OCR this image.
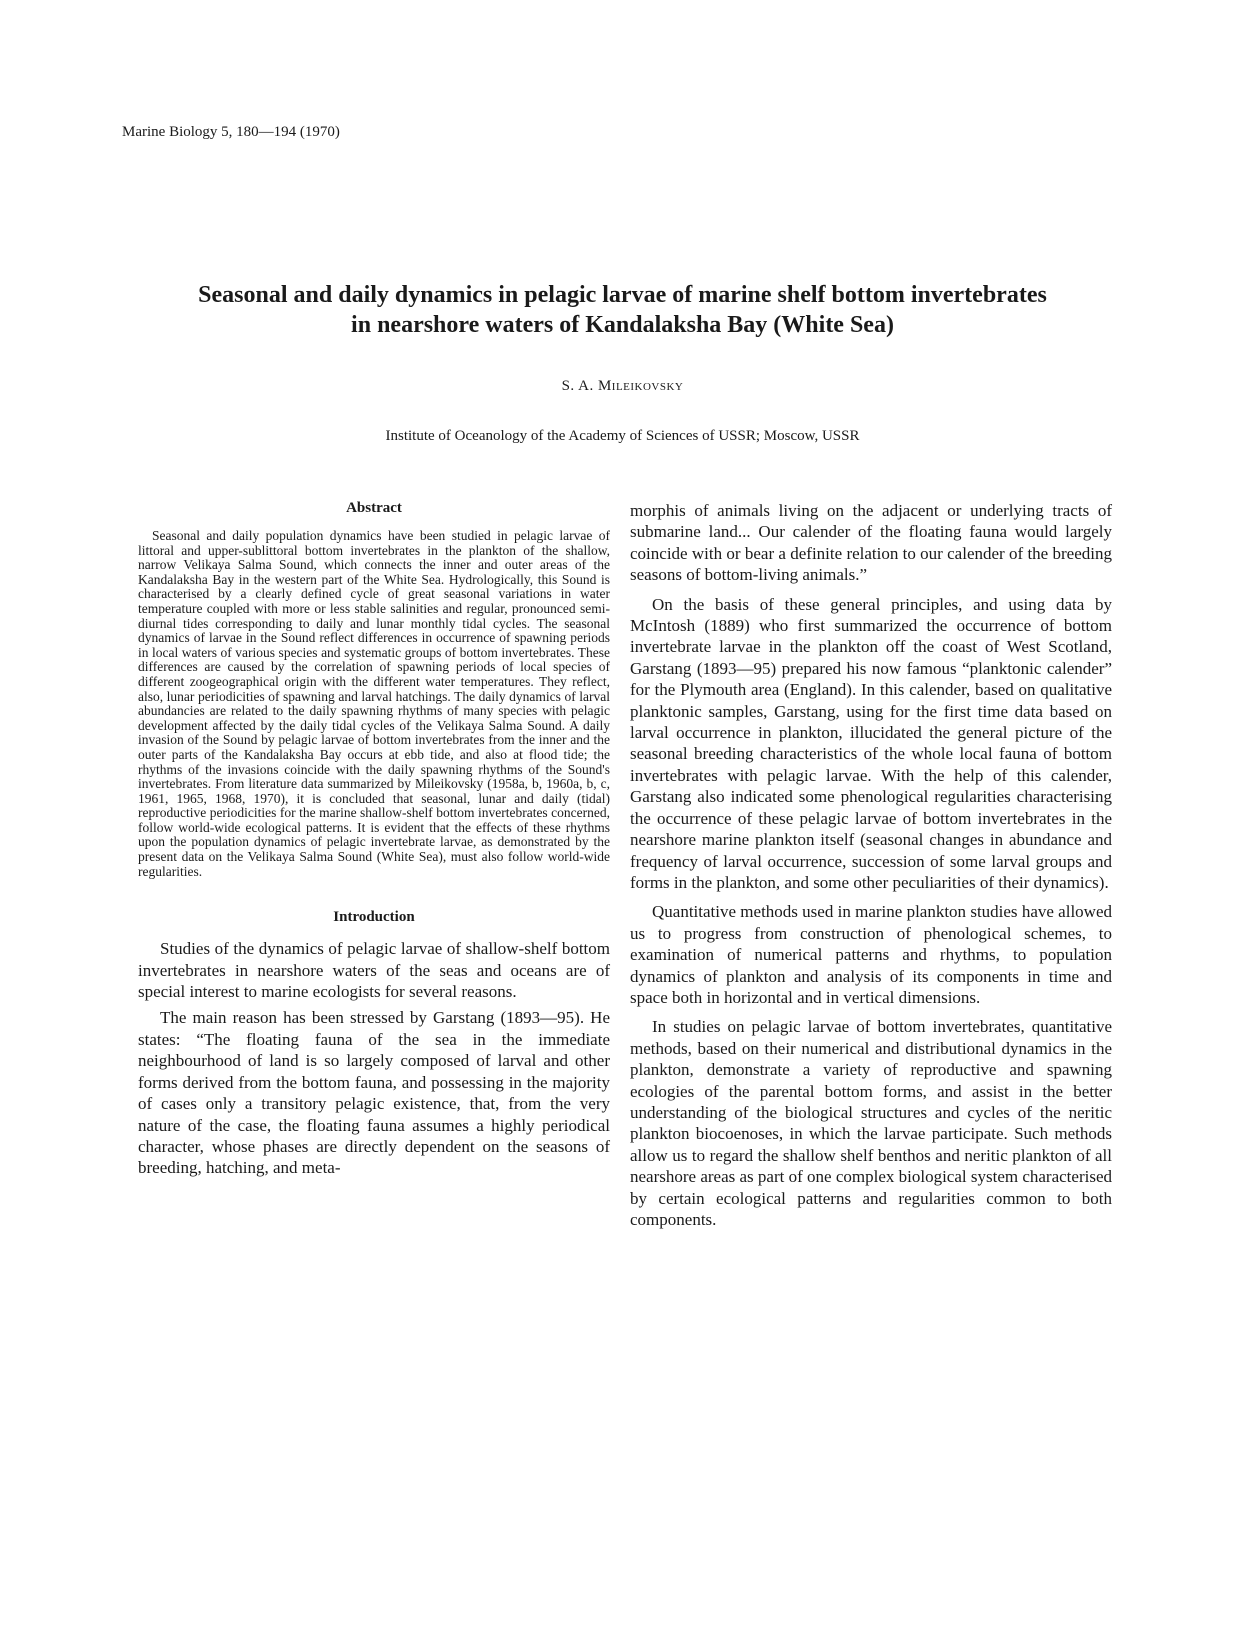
Marine Biology 5, 180—194 (1970)
Seasonal and daily dynamics in pelagic larvae of marine shelf bottom invertebrates
in nearshore waters of Kandalaksha Bay (White Sea)
S. A. Mileikovsky
Institute of Oceanology of the Academy of Sciences of USSR; Moscow, USSR
Abstract

Seasonal and daily population dynamics have been studied in pelagic larvae of littoral and upper-sublittoral bottom invertebrates in the plankton of the shallow, narrow Velikaya Salma Sound, which connects the inner and outer areas of the Kandalaksha Bay in the western part of the White Sea. Hydrologically, this Sound is characterised by a clearly defined cycle of great seasonal variations in water temperature coupled with more or less stable salinities and regular, pronounced semi-diurnal tides corresponding to daily and lunar monthly tidal cycles. The seasonal dynamics of larvae in the Sound reflect differences in occurrence of spawning periods in local waters of various species and systematic groups of bottom invertebrates. These differences are caused by the correlation of spawning periods of local species of different zoogeographical origin with the different water temperatures. They reflect, also, lunar periodicities of spawning and larval hatchings. The daily dynamics of larval abundancies are related to the daily spawning rhythms of many species with pelagic development affected by the daily tidal cycles of the Velikaya Salma Sound. A daily invasion of the Sound by pelagic larvae of bottom invertebrates from the inner and the outer parts of the Kandalaksha Bay occurs at ebb tide, and also at flood tide; the rhythms of the invasions coincide with the daily spawning rhythms of the Sound's invertebrates. From literature data summarized by Mileikovsky (1958a, b, 1960a, b, c, 1961, 1965, 1968, 1970), it is concluded that seasonal, lunar and daily (tidal) reproductive periodicities for the marine shallow-shelf bottom invertebrates concerned, follow world-wide ecological patterns. It is evident that the effects of these rhythms upon the population dynamics of pelagic invertebrate larvae, as demonstrated by the present data on the Velikaya Salma Sound (White Sea), must also follow world-wide regularities.

Introduction

Studies of the dynamics of pelagic larvae of shallow-shelf bottom invertebrates in nearshore waters of the seas and oceans are of special interest to marine ecologists for several reasons.

The main reason has been stressed by Garstang (1893—95). He states: “The floating fauna of the sea in the immediate neighbourhood of land is so largely composed of larval and other forms derived from the bottom fauna, and possessing in the majority of cases only a transitory pelagic existence, that, from the very nature of the case, the floating fauna assumes a highly periodical character, whose phases are directly dependent on the seasons of breeding, hatching, and meta-

morphis of animals living on the adjacent or underlying tracts of submarine land... Our calender of the floating fauna would largely coincide with or bear a definite relation to our calender of the breeding seasons of bottom-living animals.”

On the basis of these general principles, and using data by McIntosh (1889) who first summarized the occurrence of bottom invertebrate larvae in the plankton off the coast of West Scotland, Garstang (1893—95) prepared his now famous “planktonic calender” for the Plymouth area (England). In this calender, based on qualitative planktonic samples, Garstang, using for the first time data based on larval occurrence in plankton, illucidated the general picture of the seasonal breeding characteristics of the whole local fauna of bottom invertebrates with pelagic larvae. With the help of this calender, Garstang also indicated some phenological regularities characterising the occurrence of these pelagic larvae of bottom invertebrates in the nearshore marine plankton itself (seasonal changes in abundance and frequency of larval occurrence, succession of some larval groups and forms in the plankton, and some other peculiarities of their dynamics).

Quantitative methods used in marine plankton studies have allowed us to progress from construction of phenological schemes, to examination of numerical patterns and rhythms, to population dynamics of plankton and analysis of its components in time and space both in horizontal and in vertical dimensions.

In studies on pelagic larvae of bottom invertebrates, quantitative methods, based on their numerical and distributional dynamics in the plankton, demonstrate a variety of reproductive and spawning ecologies of the parental bottom forms, and assist in the better understanding of the biological structures and cycles of the neritic plankton biocoenoses, in which the larvae participate. Such methods allow us to regard the shallow shelf benthos and neritic plankton of all nearshore areas as part of one complex biological system characterised by certain ecological patterns and regularities common to both components.
